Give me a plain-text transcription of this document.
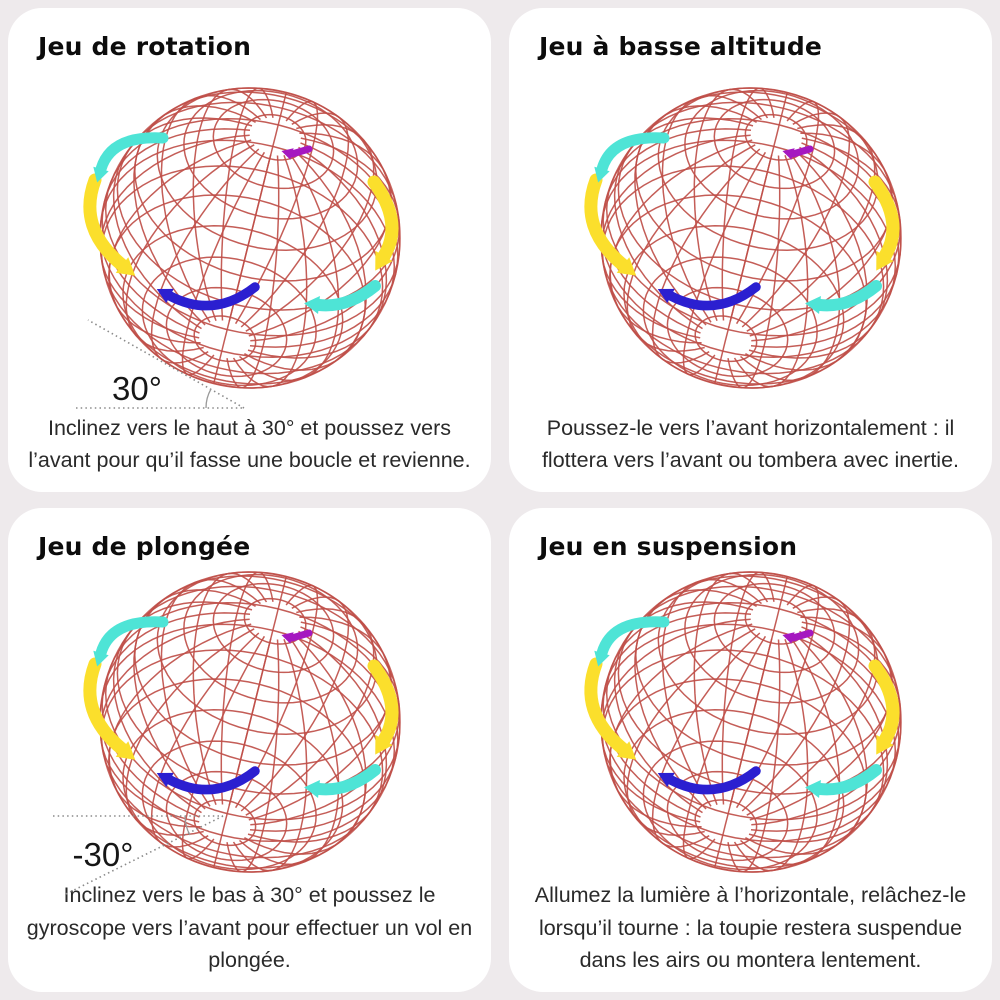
Jeu de rotation
30°

Inclinez vers le haut à 30° et poussez vers l’avant pour qu’il fasse une boucle et revienne.

Jeu à basse altitude

Poussez-le vers l’avant horizontalement : il flottera vers l’avant ou tombera avec inertie.

Jeu de plongée
-30°

Inclinez vers le bas à 30° et poussez le gyroscope vers l’avant pour effectuer un vol en plongée.

Jeu en suspension

Allumez la lumière à l’horizontale, relâchez-le lorsqu’il tourne : la toupie restera suspendue dans les airs ou montera lentement.
